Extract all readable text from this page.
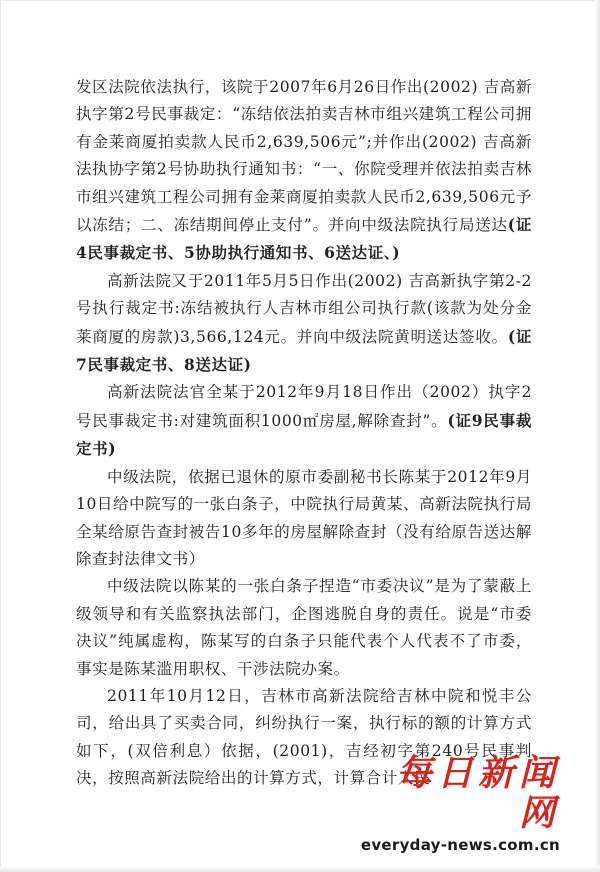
发区法院依法执行，该院于2007年6月26日作出(2002) 吉高新执字第2号民事裁定：“冻结依法拍卖吉林市组兴建筑工程公司拥有金莱商厦拍卖款人民币2,639,506元”;并作出(2002) 吉高新法执协字第2号协助执行通知书：“一、你院受理并依法拍卖吉林市组兴建筑工程公司拥有金莱商厦拍卖款人民币2,639,506元予以冻结；二、冻结期间停止支付”。并向中级法院执行局送达(证4民事裁定书、5协助执行通知书、6送达证、)

高新法院又于2011年5月5日作出(2002) 吉高新执字第2-2号执行裁定书:冻结被执行人吉林市组公司执行款(该款为处分金莱商厦的房款)3,566,124元。并向中级法院黄明送达签收。(证7民事裁定书、8送达证)

高新法院法官全某于2012年9月18日作出（2002）执字2号民事裁定书:对建筑面积1000㎡房屋,解除查封”。(证9民事裁定书)

中级法院，依据已退休的原市委副秘书长陈某于2012年9月10日给中院写的一张白条子，中院执行局黄某、高新法院执行局全某给原告查封被告10多年的房屋解除查封（没有给原告送达解除查封法律文书）

中级法院以陈某的一张白条子捏造“市委决议”是为了蒙蔽上级领导和有关监察执法部门，企图逃脱自身的责任。说是“市委决议”纯属虚构，陈某写的白条子只能代表个人代表不了市委，事实是陈某滥用职权、干涉法院办案。

2011年10月12日，吉林市高新法院给吉林中院和悦丰公司，给出具了买卖合同，纠纷执行一案，执行标的额的计算方式如下，(双倍利息）依据，(2001)，吉经初字第240号民事判决，按照高新法院给出的计算方式，计算合计人民

每日新闻网
everyday-news.com.cn
